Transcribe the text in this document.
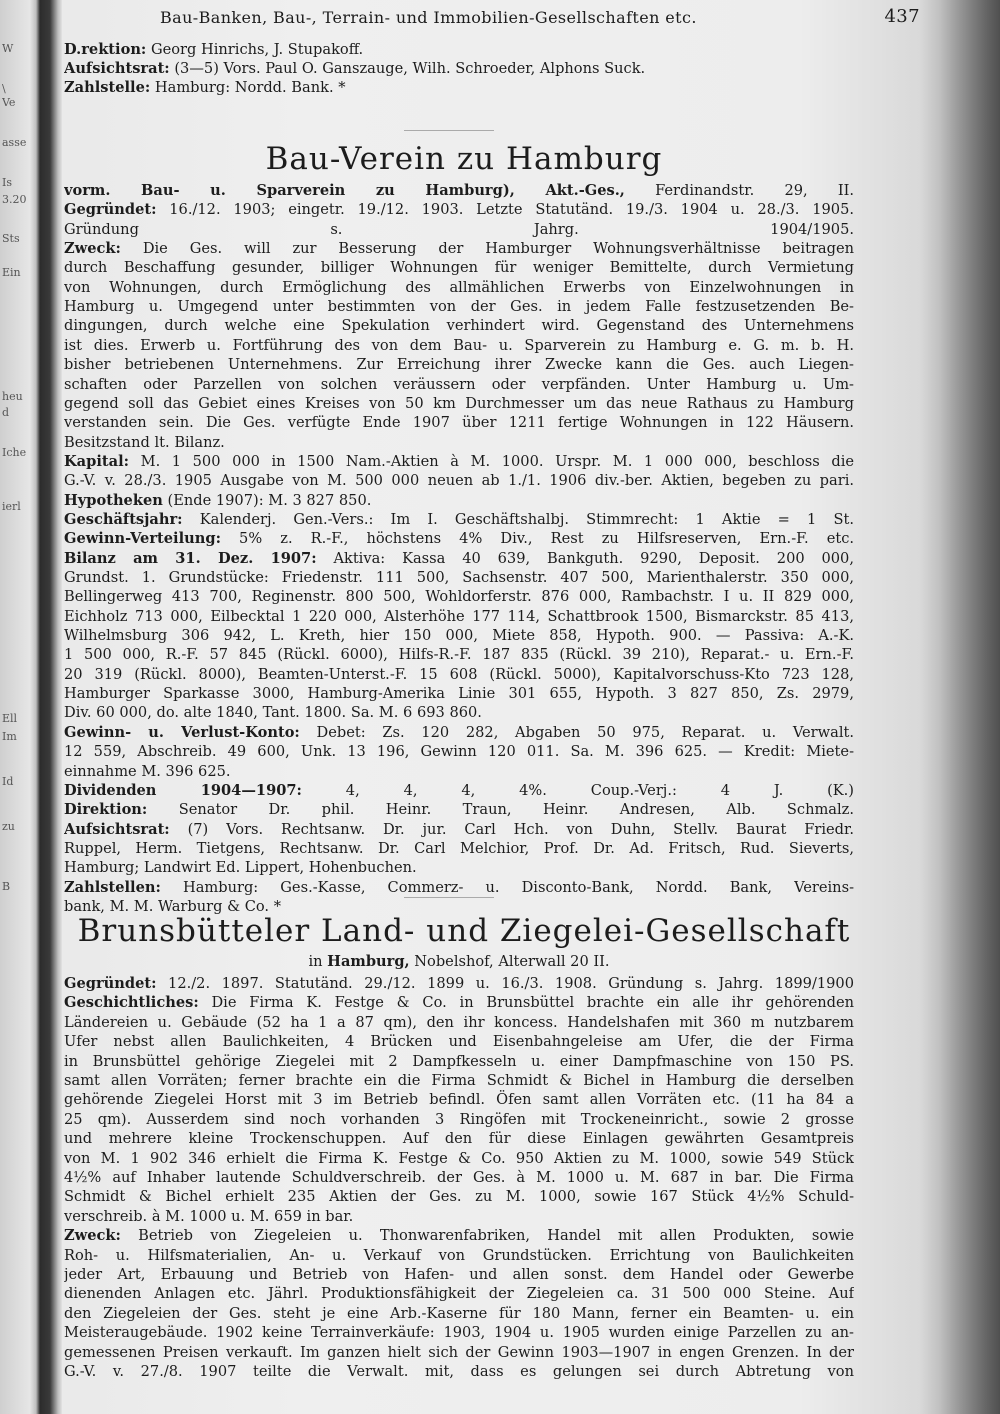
W
\
Ve
asse
Is
3.20
Sts
Ein
heu
d
Iche
ierl
Ell
Im
Id
zu
B
Bau-Banken, Bau-, Terrain- und Immobilien-Gesellschaften etc.	437
D.rektion: Georg Hinrichs, J. Stupakoff.
Aufsichtsrat: (3—5) Vors. Paul O. Ganszauge, Wilh. Schroeder, Alphons Suck.
Zahlstelle: Hamburg: Nordd. Bank. *
Bau-Verein zu Hamburg
vorm. Bau- u. Sparverein zu Hamburg), Akt.-Ges., Ferdinandstr. 29, II.
Gegründet: 16./12. 1903; eingetr. 19./12. 1903. Letzte Statutänd. 19./3. 1904 u. 28./3. 1905.
Gründung s. Jahrg. 1904/1905.
Zweck: Die Ges. will zur Besserung der Hamburger Wohnungsverhältnisse beitragen
durch Beschaffung gesunder, billiger Wohnungen für weniger Bemittelte, durch Vermietung
von Wohnungen, durch Ermöglichung des allmählichen Erwerbs von Einzelwohnungen in
Hamburg u. Umgegend unter bestimmten von der Ges. in jedem Falle festzusetzenden Be-
dingungen, durch welche eine Spekulation verhindert wird. Gegenstand des Unternehmens
ist dies. Erwerb u. Fortführung des von dem Bau- u. Sparverein zu Hamburg e. G. m. b. H.
bisher betriebenen Unternehmens. Zur Erreichung ihrer Zwecke kann die Ges. auch Liegen-
schaften oder Parzellen von solchen veräussern oder verpfänden. Unter Hamburg u. Um-
gegend soll das Gebiet eines Kreises von 50 km Durchmesser um das neue Rathaus zu Hamburg
verstanden sein. Die Ges. verfügte Ende 1907 über 1211 fertige Wohnungen in 122 Häusern.
Besitzstand lt. Bilanz.
Kapital: M. 1 500 000 in 1500 Nam.-Aktien à M. 1000. Urspr. M. 1 000 000, beschloss die
G.-V. v. 28./3. 1905 Ausgabe von M. 500 000 neuen ab 1./1. 1906 div.-ber. Aktien, begeben zu pari.
Hypotheken (Ende 1907): M. 3 827 850.
Geschäftsjahr: Kalenderj. Gen.-Vers.: Im I. Geschäftshalbj. Stimmrecht: 1 Aktie = 1 St.
Gewinn-Verteilung: 5% z. R.-F., höchstens 4% Div., Rest zu Hilfsreserven, Ern.-F. etc.
Bilanz am 31. Dez. 1907: Aktiva: Kassa 40 639, Bankguth. 9290, Deposit. 200 000,
Grundst. 1. Grundstücke: Friedenstr. 111 500, Sachsenstr. 407 500, Marienthalerstr. 350 000,
Bellingerweg 413 700, Reginenstr. 800 500, Wohldorferstr. 876 000, Rambachstr. I u. II 829 000,
Eichholz 713 000, Eilbecktal 1 220 000, Alsterhöhe 177 114, Schattbrook 1500, Bismarckstr. 85 413,
Wilhelmsburg 306 942, L. Kreth, hier 150 000, Miete 858, Hypoth. 900. — Passiva: A.-K.
1 500 000, R.-F. 57 845 (Rückl. 6000), Hilfs-R.-F. 187 835 (Rückl. 39 210), Reparat.- u. Ern.-F.
20 319 (Rückl. 8000), Beamten-Unterst.-F. 15 608 (Rückl. 5000), Kapitalvorschuss-Kto 723 128,
Hamburger Sparkasse 3000, Hamburg-Amerika Linie 301 655, Hypoth. 3 827 850, Zs. 2979,
Div. 60 000, do. alte 1840, Tant. 1800. Sa. M. 6 693 860.
Gewinn- u. Verlust-Konto: Debet: Zs. 120 282, Abgaben 50 975, Reparat. u. Verwalt.
12 559, Abschreib. 49 600, Unk. 13 196, Gewinn 120 011. Sa. M. 396 625. — Kredit: Miete-
einnahme M. 396 625.
Dividenden 1904—1907:	4, 4, 4, 4%. Coup.-Verj.: 4 J. (K.)
Direktion: Senator Dr. phil. Heinr. Traun, Heinr. Andresen, Alb. Schmalz.
Aufsichtsrat: (7) Vors. Rechtsanw. Dr. jur. Carl Hch. von Duhn, Stellv. Baurat Friedr.
Ruppel, Herm. Tietgens, Rechtsanw. Dr. Carl Melchior, Prof. Dr. Ad. Fritsch, Rud. Sieverts,
Hamburg; Landwirt Ed. Lippert, Hohenbuchen.
Zahlstellen: Hamburg: Ges.-Kasse, Commerz- u. Disconto-Bank, Nordd. Bank, Vereins-
bank, M. M. Warburg & Co. *
Brunsbütteler Land- und Ziegelei-Gesellschaft
in Hamburg, Nobelshof, Alterwall 20 II.
Gegründet: 12./2. 1897. Statutänd. 29./12. 1899 u. 16./3. 1908. Gründung s. Jahrg. 1899/1900
Geschichtliches: Die Firma K. Festge & Co. in Brunsbüttel brachte ein alle ihr gehörenden
Ländereien u. Gebäude (52 ha 1 a 87 qm), den ihr koncess. Handelshafen mit 360 m nutzbarem
Ufer nebst allen Baulichkeiten, 4 Brücken und Eisenbahngeleise am Ufer, die der Firma
in Brunsbüttel gehörige Ziegelei mit 2 Dampfkesseln u. einer Dampfmaschine von 150 PS.
samt allen Vorräten; ferner brachte ein die Firma Schmidt & Bichel in Hamburg die derselben
gehörende Ziegelei Horst mit 3 im Betrieb befindl. Öfen samt allen Vorräten etc. (11 ha 84 a
25 qm). Ausserdem sind noch vorhanden 3 Ringöfen mit Trockeneinricht., sowie 2 grosse
und mehrere kleine Trockenschuppen. Auf den für diese Einlagen gewährten Gesamtpreis
von M. 1 902 346 erhielt die Firma K. Festge & Co. 950 Aktien zu M. 1000, sowie 549 Stück
4½% auf Inhaber lautende Schuldverschreib. der Ges. à M. 1000 u. M. 687 in bar. Die Firma
Schmidt & Bichel erhielt 235 Aktien der Ges. zu M. 1000, sowie 167 Stück 4½% Schuld-
verschreib. à M. 1000 u. M. 659 in bar.
Zweck: Betrieb von Ziegeleien u. Thonwarenfabriken, Handel mit allen Produkten, sowie
Roh- u. Hilfsmaterialien, An- u. Verkauf von Grundstücken. Errichtung von Baulichkeiten
jeder Art, Erbauung und Betrieb von Hafen- und allen sonst. dem Handel oder Gewerbe
dienenden Anlagen etc. Jährl. Produktionsfähigkeit der Ziegeleien ca. 31 500 000 Steine. Auf
den Ziegeleien der Ges. steht je eine Arb.-Kaserne für 180 Mann, ferner ein Beamten- u. ein
Meisteraugebäude. 1902 keine Terrainverkäufe: 1903, 1904 u. 1905 wurden einige Parzellen zu an-
gemessenen Preisen verkauft. Im ganzen hielt sich der Gewinn 1903—1907 in engen Grenzen. In der
G.-V. v. 27./8. 1907 teilte die Verwalt. mit, dass es gelungen sei durch Abtretung von
